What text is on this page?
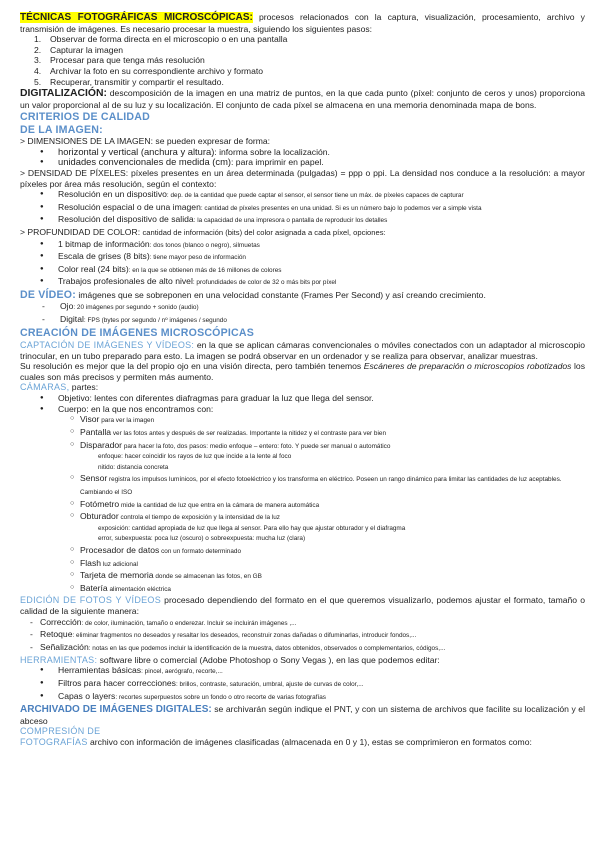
TÉCNICAS FOTOGRÁFICAS MICROSCÓPICAS: procesos relacionados con la captura, visualización, procesamiento, archivo y transmisión de imágenes. Es necesario procesar la muestra, siguiendo los siguientes pasos:

1. Observar de forma directa en el microscopio o en una pantalla
2. Capturar la imagen
3. Procesar para que tenga más resolución
4. Archivar la foto en su correspondiente archivo y formato
5. Recuperar, transmitir y compartir el resultado.

DIGITALIZACIÓN: descomposición de la imagen en una matriz de puntos, en la que cada punto (píxel: conjunto de ceros y unos) proporciona un valor proporcional al de su luz y su localización. El conjunto de cada píxel se almacena en una memoria denominada mapa de bons.

CRITERIOS DE CALIDAD

DE LA IMAGEN:

> DIMENSIONES DE LA IMAGEN: se pueden expresar de forma:

● horizontal y vertical (anchura y altura): informa sobre la localización.
● unidades convencionales de medida (cm): para imprimir en papel.

> DENSIDAD DE PÍXELES: píxeles presentes en un área determinada (pulgadas) = ppp o ppi. La densidad nos conduce a la resolución: a mayor píxeles por área más resolución, según el contexto:

● Resolución en un dispositivo: dep. de la cantidad que puede captar el sensor, el sensor tiene un máx. de píxeles capaces de capturar
● Resolución espacial o de una imagen: cantidad de píxeles presentes en una unidad. Si es un número bajo lo podemos ver a simple vista
● Resolución del dispositivo de salida: la capacidad de una impresora o pantalla de reproducir los detalles

> PROFUNDIDAD DE COLOR: cantidad de información (bits) del color asignada a cada píxel, opciones:

● 1 bitmap de información: dos tonos (blanco o negro), silmuetas
● Escala de grises (8 bits): tiene mayor peso de información
● Color real (24 bits): en la que se obtienen más de 16 millones de colores
● Trabajos profesionales de alto nivel: profundidades de color de 32 o más bits por píxel

DE VÍDEO: imágenes que se sobreponen en una velocidad constante (Frames Per Second) y así creando crecimiento.

- Ojo: 20 imágenes por segundo + sonido (audio)
- Digital: FPS (bytes por segundo / nº imágenes / segundo

CREACIÓN DE IMÁGENES MICROSCÓPICAS

CAPTACIÓN DE IMÁGENES Y VÍDEOS: en la que se aplican cámaras convencionales o móviles conectados con un adaptador al microscopio trinocular, en un tubo preparado para esto. La imagen se podrá observar en un ordenador y se realiza para observar, analizar muestras.

Su resolución es mejor que la del propio ojo en una visión directa, pero también tenemos Escáneres de preparación o microscopios robotizados los cuales son más precisos y permiten más aumento.

CÁMARAS, partes:

● Objetivo: lentes con diferentes diafragmas para graduar la luz que llega del sensor.
● Cuerpo: en la que nos encontramos con:
○ Visor para ver la imagen
○ Pantalla ver las fotos antes y después de ser realizadas. Importante la nitidez y el contraste para ver bien
○ Disparador para hacer la foto, dos pasos: medio enfoque – entero: foto. Y puede ser manual o automático
enfoque: hacer coincidir los rayos de luz que incide a la lente al foco
nitido: distancia concreta
○ Sensor registra los impulsos lumínicos, por el efecto fotoeléctrico y los transforma en eléctrico. Poseen un rango dinámico para limitar las cantidades de luz aceptables. Cambiando el ISO
○ Fotómetro mide la cantidad de luz que entra en la cámara de manera automática
○ Obturador controla el tiempo de exposición y la intensidad de la luz
exposición: cantidad apropiada de luz que llega al sensor. Para ello hay que ajustar obturador y el diafragma
error, subexpuesta: poca luz (oscuro) o sobreexpuesta: mucha luz (clara)
○ Procesador de datos con un formato determinado
○ Flash luz adicional
○ Tarjeta de memoria donde se almacenan las fotos, en GB
○ Batería alimentación eléctrica

EDICIÓN DE FOTOS Y VÍDEOS procesado dependiendo del formato en el que queremos visualizarlo, podemos ajustar el formato, tamaño o calidad de la siguiente manera:

- Corrección: de color, iluminación, tamaño o enderezar. Incluir se incluirán imágenes ,...
- Retoque: eliminar fragmentos no deseados y resaltar los deseados, reconstruir zonas dañadas o difuminarlas, introducir fondos,...
- Señalización: notas en las que podemos incluir la identificación de la muestra, datos obtenidos, observados o complementarios, códigos,...

HERRAMIENTAS: software libre o comercial (Adobe Photoshop o Sony Vegas ), en las que podemos editar:

● Herramientas básicas: pincel, aerógrafo, recorte,...
● Filtros para hacer correcciones: brillos, contraste, saturación, umbral, ajuste de curvas de color,...
● Capas o layers: recortes superpuestos sobre un fondo o otro recorte de varias fotografías

ARCHIVADO DE IMÁGENES DIGITALES: se archivarán según indique el PNT, y con un sistema de archivos que facilite su localización y el abceso

COMPRESIÓN DE

FOTOGRAFÍAS archivo con información de imágenes clasificadas (almacenada en 0 y 1), estas se comprimieron en formatos como:
